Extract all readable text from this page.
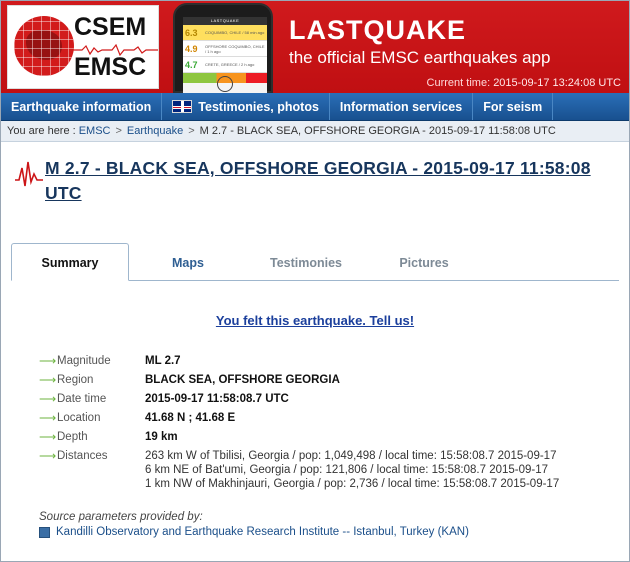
CSEM
EMSC
LASTQUAKE
6.3	COQUIMBO, CHILE / 58 min ago
4.9	OFFSHORE COQUIMBO, CHILE / 1 h ago
4.7	CRETE, GREECE / 2 h ago
LASTQUAKE
the official EMSC earthquakes app
Current time: 2015-09-17 13:24:08 UTC
Earthquake information	Testimonies, photos Information services For seism
You are here : EMSC > Earthquake > M 2.7 - BLACK SEA, OFFSHORE GEORGIA - 2015-09-17 11:58:08 UTC
M 2.7 - BLACK SEA, OFFSHORE GEORGIA - 2015-09-17 11:58:08 UTC
Summary	Maps	Testimonies	Pictures
You felt this earthquake. Tell us!
⟶	Magnitude	ML 2.7
⟶	Region	BLACK SEA, OFFSHORE GEORGIA
⟶	Date time	2015-09-17 11:58:08.7 UTC
⟶	Location	41.68 N ; 41.68 E
⟶	Depth	19 km
⟶	Distances	263 km W of Tbilisi, Georgia / pop: 1,049,498 / local time: 15:58:08.7 2015-09-17
6 km NE of Bat'umi, Georgia / pop: 121,806 / local time: 15:58:08.7 2015-09-17
1 km NW of Makhinjauri, Georgia / pop: 2,736 / local time: 15:58:08.7 2015-09-17
Source parameters provided by:
Kandilli Observatory and Earthquake Research Institute -- Istanbul, Turkey (KAN)
